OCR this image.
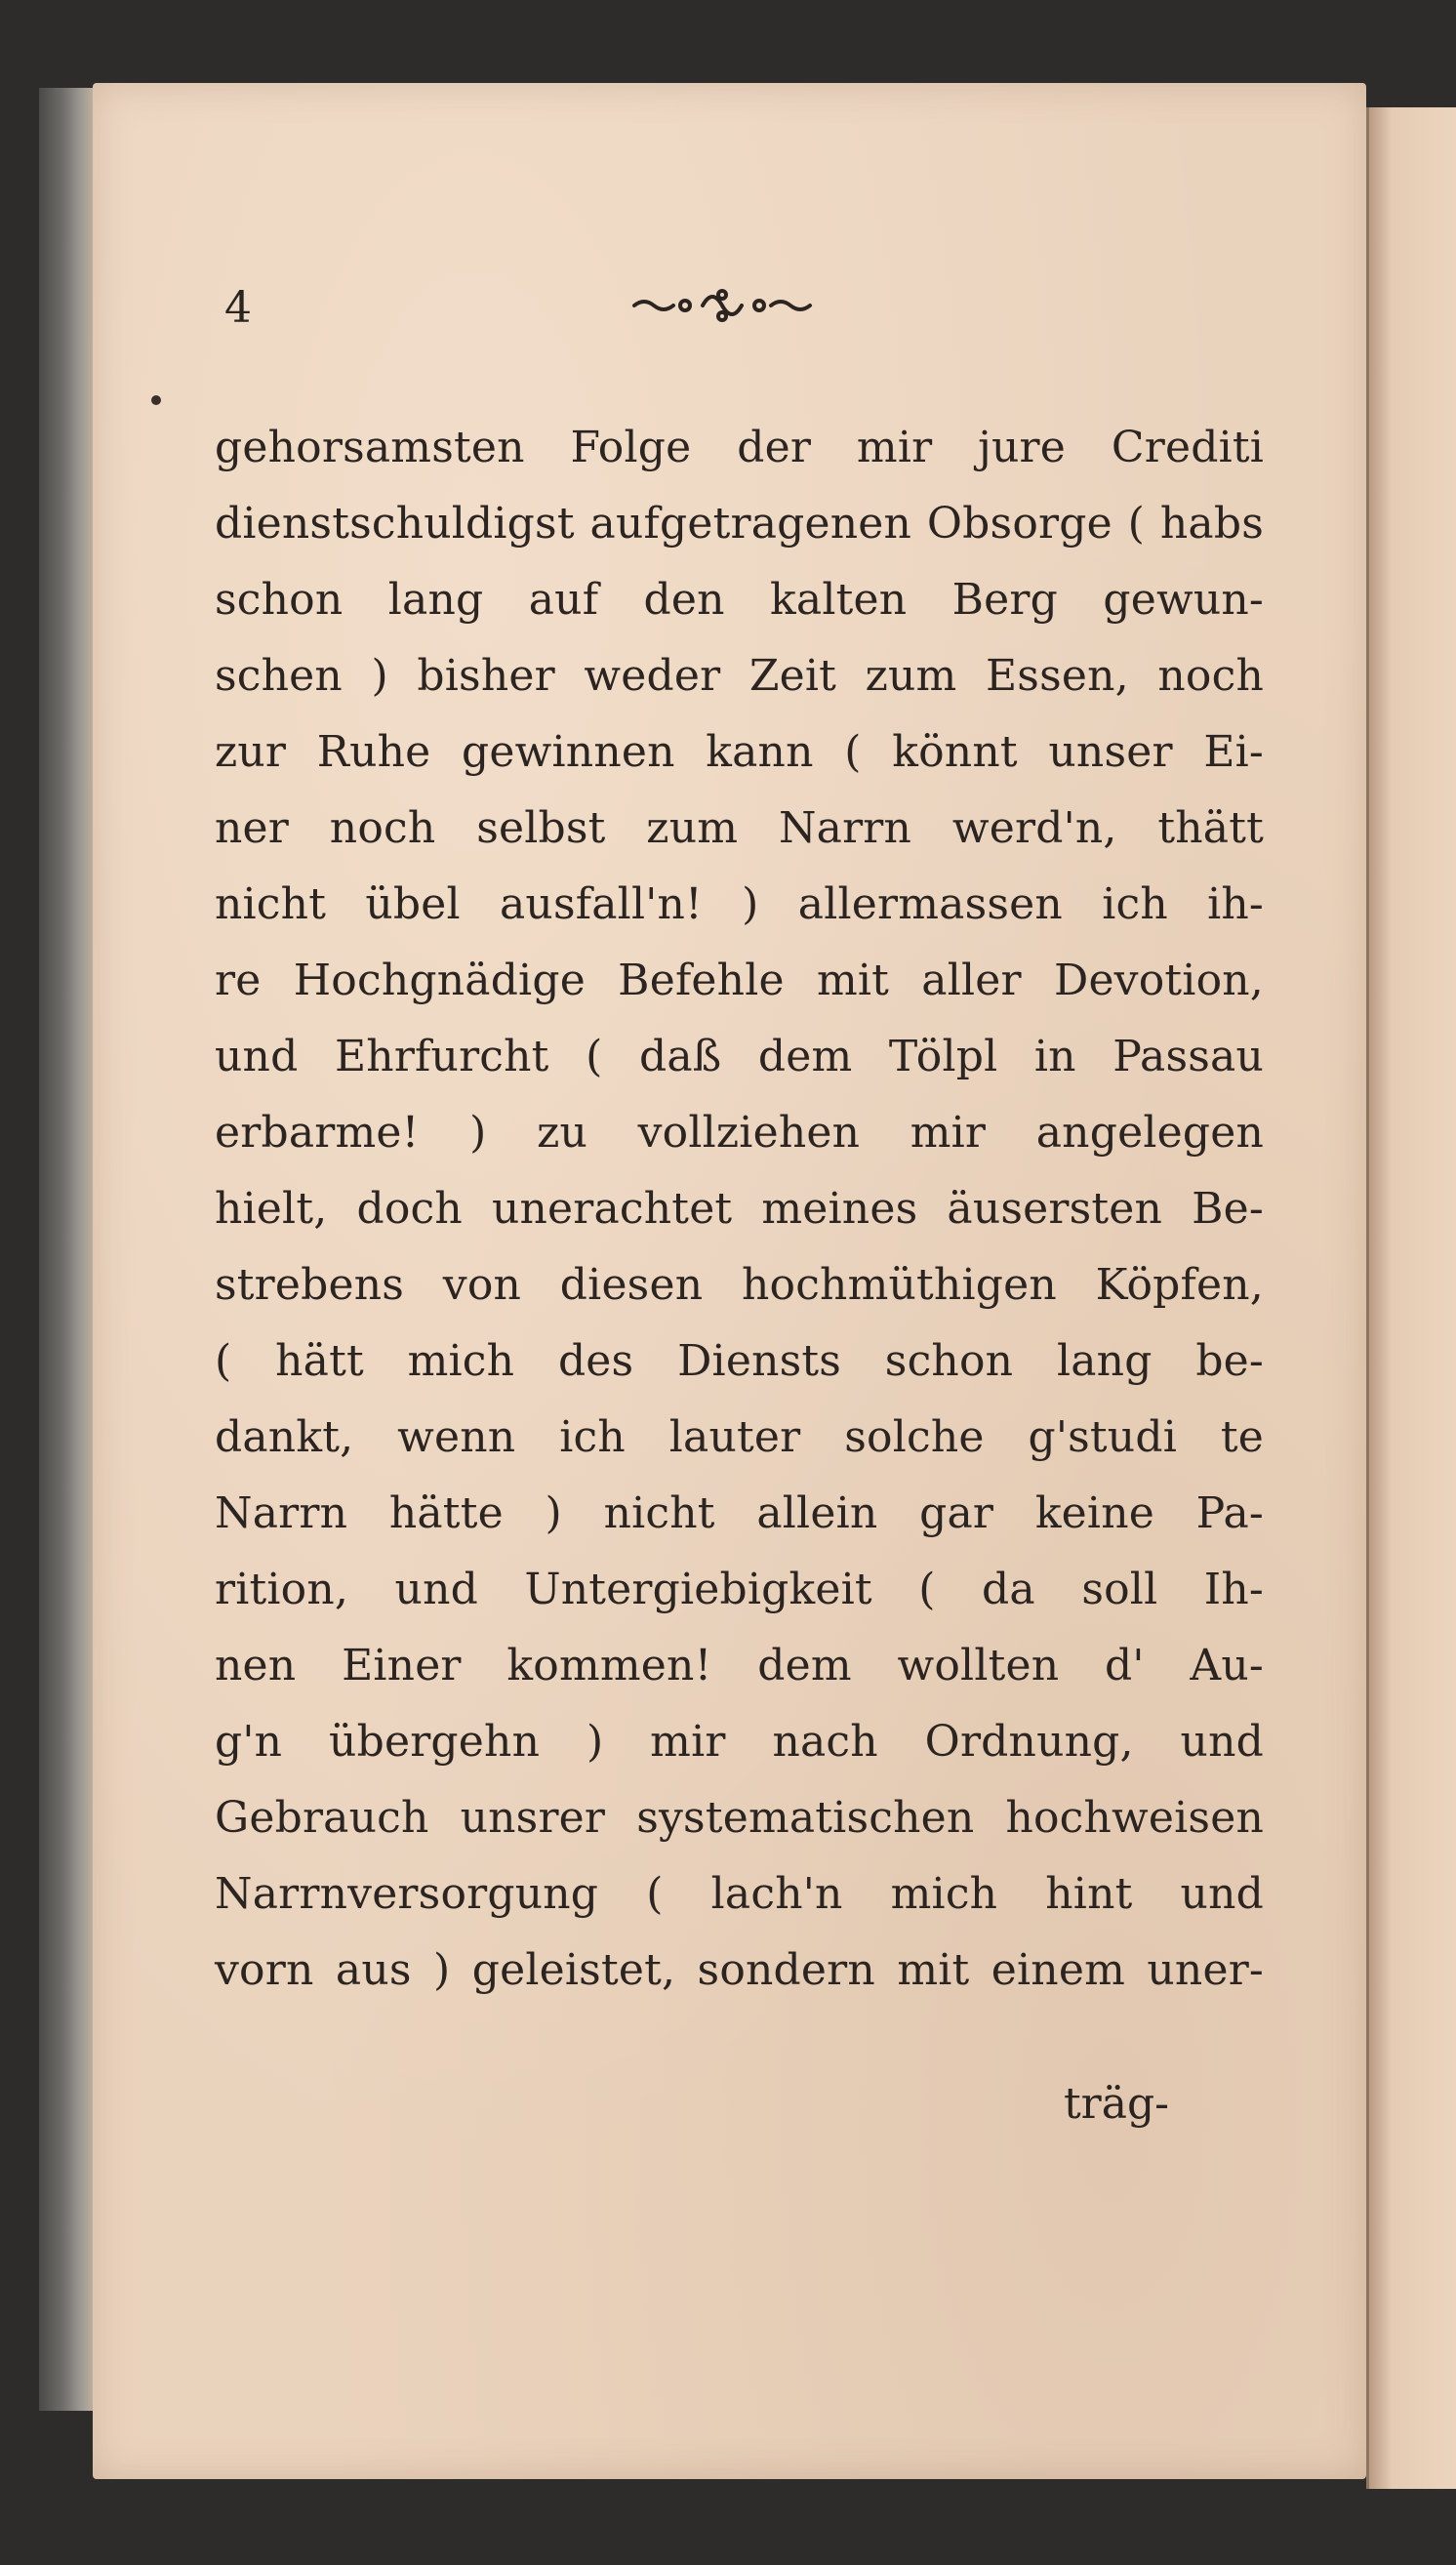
4
gehorsamsten Folge der mir jure Crediti
dienstschuldigst aufgetragenen Obsorge ( habs
schon lang auf den kalten Berg gewun-
schen ) bisher weder Zeit zum Essen, noch
zur Ruhe gewinnen kann ( könnt unser Ei-
ner noch selbst zum Narrn werd'n, thätt
nicht übel ausfall'n! ) allermassen ich ih-
re Hochgnädige Befehle mit aller Devotion,
und Ehrfurcht ( daß dem Tölpl in Passau
erbarme! ) zu vollziehen mir angelegen
hielt, doch unerachtet meines äusersten Be-
strebens von diesen hochmüthigen Köpfen,
( hätt mich des Diensts schon lang be-
dankt, wenn ich lauter solche g'studi te
Narrn hätte ) nicht allein gar keine Pa-
rition, und Untergiebigkeit ( da soll Ih-
nen Einer kommen! dem wollten d' Au-
g'n übergehn ) mir nach Ordnung, und
Gebrauch unsrer systematischen hochweisen
Narrnversorgung ( lach'n mich hint und
vorn aus ) geleistet, sondern mit einem uner-
träg-
